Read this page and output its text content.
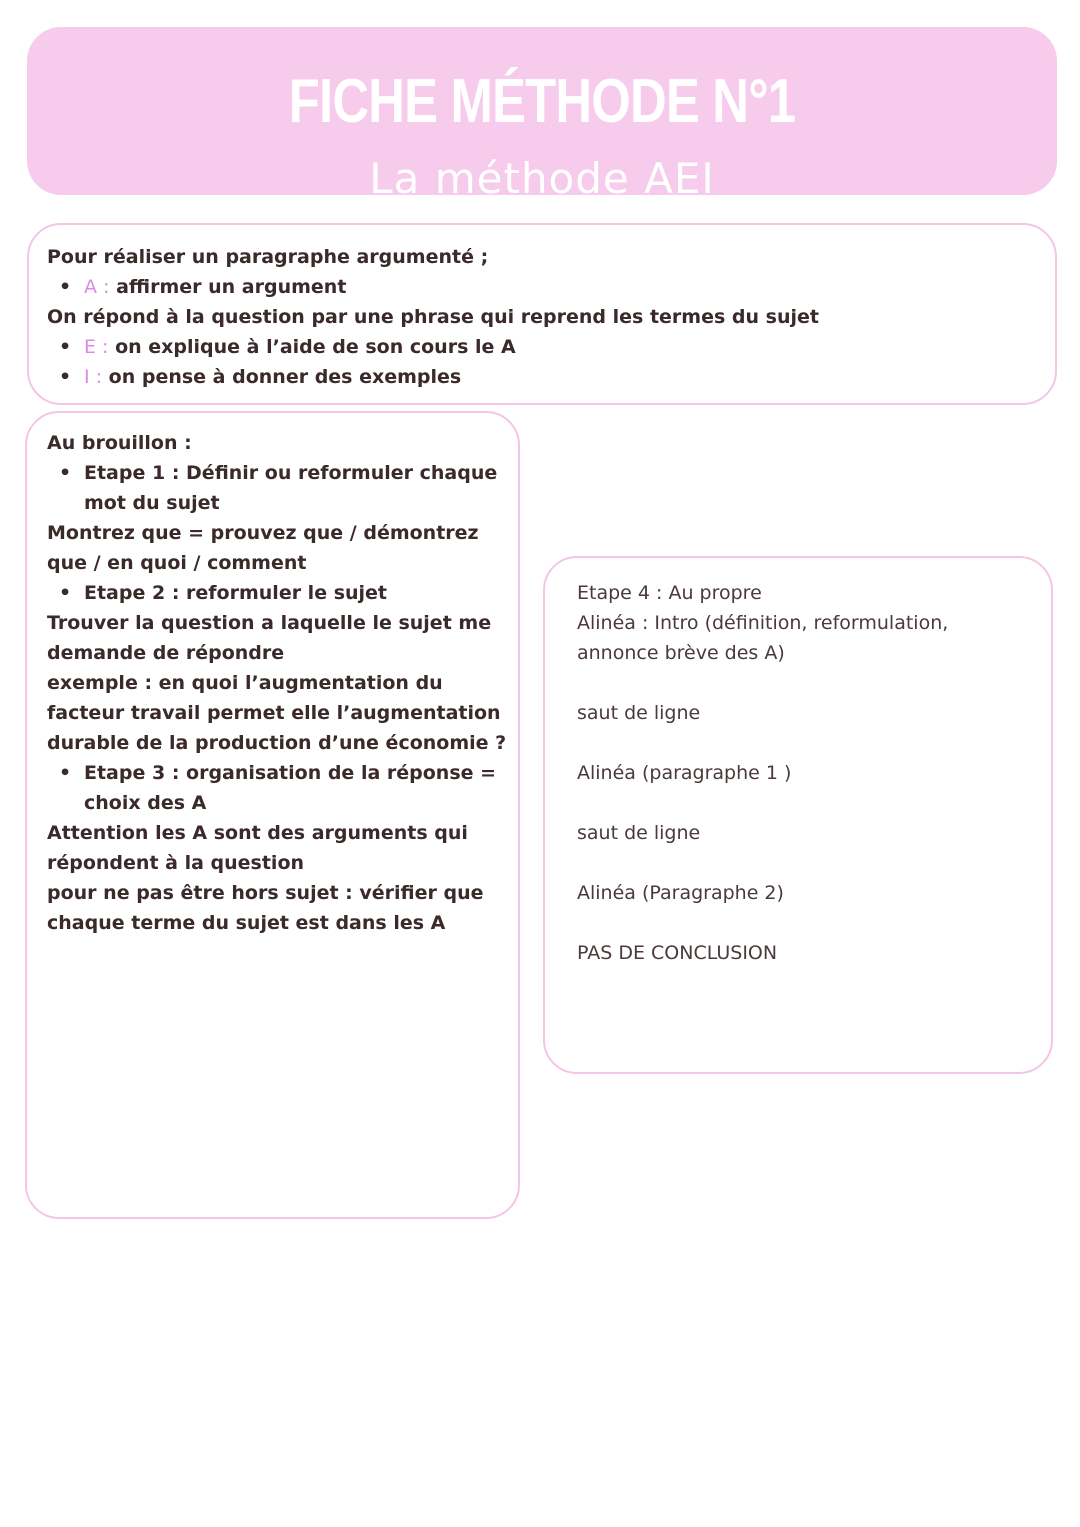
FICHE MÉTHODE N°1
La méthode AEI
Pour réaliser un paragraphe argumenté ;
• A : affirmer un argument
On répond à la question par une phrase qui reprend les termes du sujet
• E : on explique à l’aide de son cours le A
• I : on pense à donner des exemples
Au brouillon :
• Etape 1 : Définir ou reformuler chaque
mot du sujet
Montrez que = prouvez que / démontrez
que / en quoi / comment
• Etape 2 : reformuler le sujet
Trouver la question a laquelle le sujet me
demande de répondre
exemple : en quoi l’augmentation du
facteur travail permet elle l’augmentation
durable de la production d’une économie ?
• Etape 3 : organisation de la réponse =
choix des A
Attention les A sont des arguments qui
répondent à la question
pour ne pas être hors sujet : vérifier que
chaque terme du sujet est dans les A
Etape 4 : Au propre
Alinéa : Intro (définition, reformulation,
annonce brève des A)
saut de ligne
Alinéa (paragraphe 1 )
saut de ligne
Alinéa (Paragraphe 2)
PAS DE CONCLUSION
